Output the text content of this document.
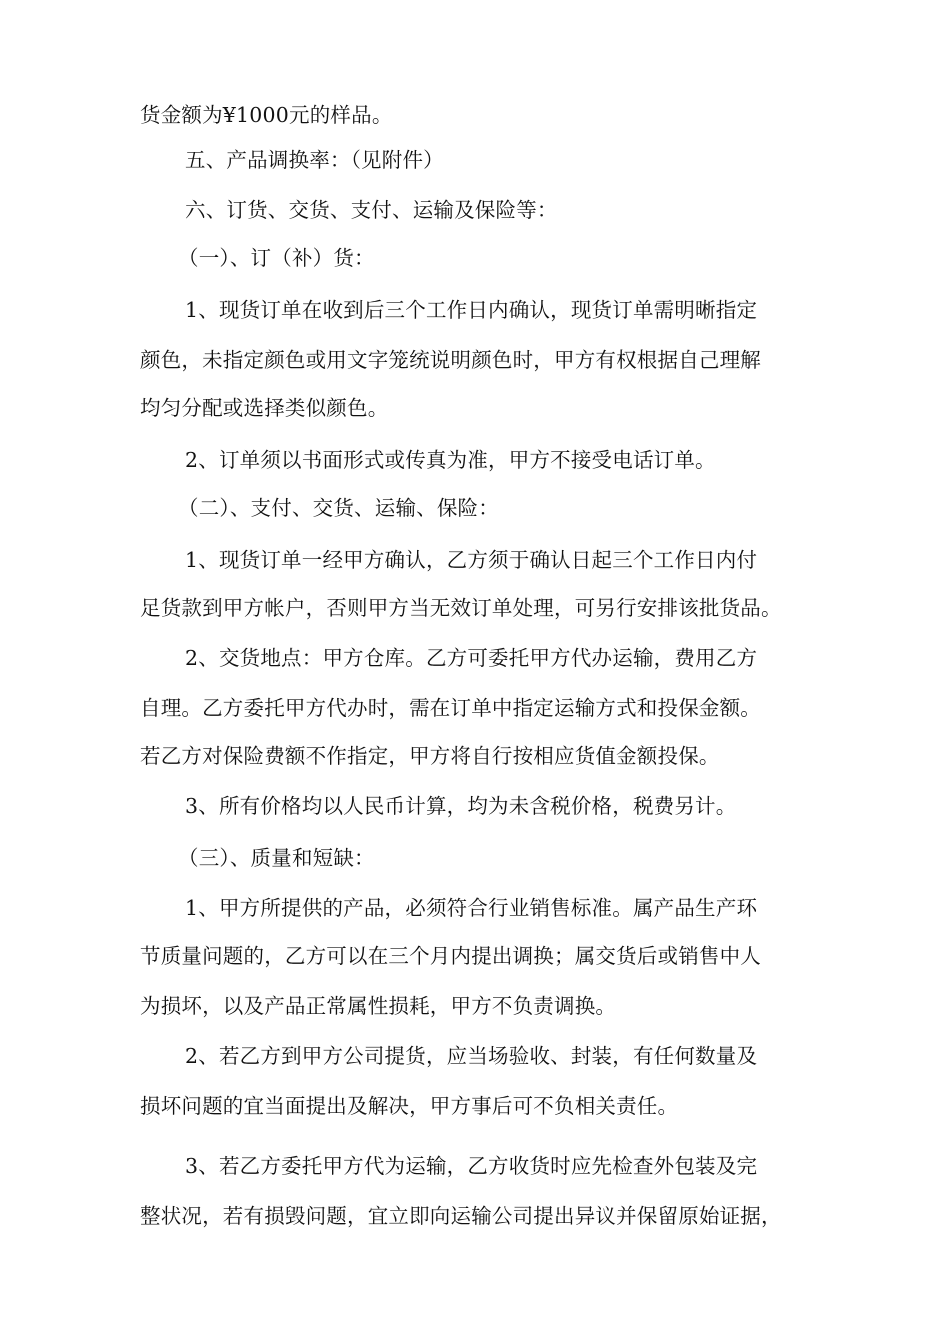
货金额为¥1000元的样品。
五、产品调换率：（见附件）
六、订货、交货、支付、运输及保险等：
（一）、订（补）货：
1、现货订单在收到后三个工作日内确认，现货订单需明晰指定
颜色，未指定颜色或用文字笼统说明颜色时，甲方有权根据自己理解
均匀分配或选择类似颜色。
2、订单须以书面形式或传真为准，甲方不接受电话订单。
（二）、支付、交货、运输、保险：
1、现货订单一经甲方确认，乙方须于确认日起三个工作日内付
足货款到甲方帐户，否则甲方当无效订单处理，可另行安排该批货品。
2、交货地点：甲方仓库。乙方可委托甲方代办运输，费用乙方
自理。乙方委托甲方代办时，需在订单中指定运输方式和投保金额。
若乙方对保险费额不作指定，甲方将自行按相应货值金额投保。
3、所有价格均以人民币计算，均为未含税价格，税费另计。
（三）、质量和短缺：
1、甲方所提供的产品，必须符合行业销售标准。属产品生产环
节质量问题的，乙方可以在三个月内提出调换；属交货后或销售中人
为损坏，以及产品正常属性损耗，甲方不负责调换。
2、若乙方到甲方公司提货，应当场验收、封装，有任何数量及
损坏问题的宜当面提出及解决，甲方事后可不负相关责任。
3、若乙方委托甲方代为运输，乙方收货时应先检查外包装及完
整状况，若有损毁问题，宜立即向运输公司提出异议并保留原始证据，
